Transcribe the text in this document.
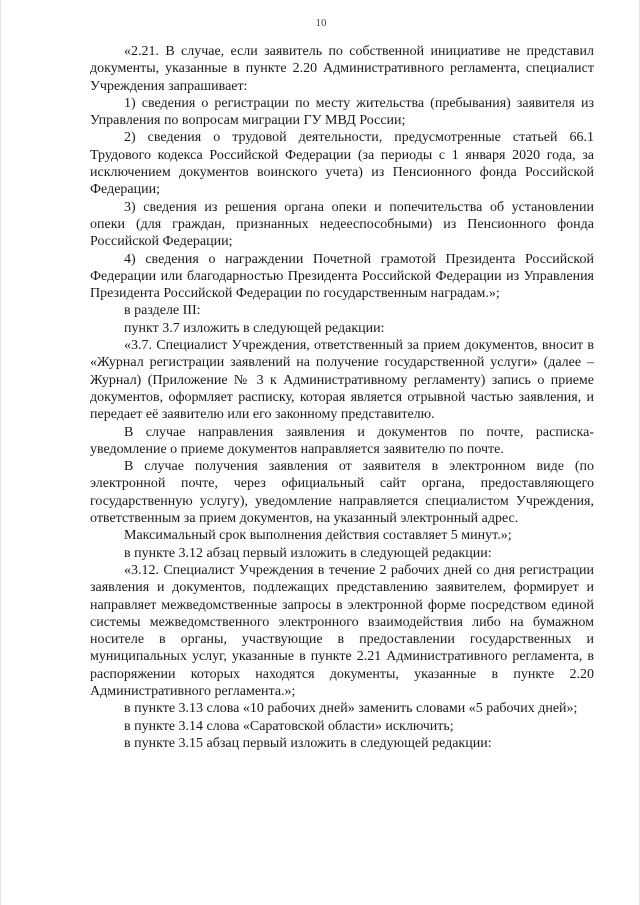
10

«2.21. В случае, если заявитель по собственной инициативе не представил документы, указанные в пункте 2.20 Административного регламента, специалист Учреждения запрашивает:

1) сведения о регистрации по месту жительства (пребывания) заявителя из Управления по вопросам миграции ГУ МВД России;

2) сведения о трудовой деятельности, предусмотренные статьей 66.1 Трудового кодекса Российской Федерации (за периоды с 1 января 2020 года, за исключением документов воинского учета) из Пенсионного фонда Российской Федерации;

3) сведения из решения органа опеки и попечительства об установлении опеки (для граждан, признанных недееспособными) из Пенсионного фонда Российской Федерации;

4) сведения о награждении Почетной грамотой Президента Российской Федерации или благодарностью Президента Российской Федерации из Управления Президента Российской Федерации по государственным наградам.»;

в разделе III:

пункт 3.7 изложить в следующей редакции:

«3.7. Специалист Учреждения, ответственный за прием документов, вносит в «Журнал регистрации заявлений на получение государственной услуги» (далее – Журнал) (Приложение № 3 к Административному регламенту) запись о приеме документов, оформляет расписку, которая является отрывной частью заявления, и передает её заявителю или его законному представителю.

В случае направления заявления и документов по почте, расписка-уведомление о приеме документов направляется заявителю по почте.

В случае получения заявления от заявителя в электронном виде (по электронной почте, через официальный сайт органа, предоставляющего государственную услугу), уведомление направляется специалистом Учреждения, ответственным за прием документов, на указанный электронный адрес.

Максимальный срок выполнения действия составляет 5 минут.»;

в пункте 3.12 абзац первый изложить в следующей редакции:

«3.12. Специалист Учреждения в течение 2 рабочих дней со дня регистрации заявления и документов, подлежащих представлению заявителем, формирует и направляет межведомственные запросы в электронной форме посредством единой системы межведомственного электронного взаимодействия либо на бумажном носителе в органы, участвующие в предоставлении государственных и муниципальных услуг, указанные в пункте 2.21 Административного регламента, в распоряжении которых находятся документы, указанные в пункте 2.20 Административного регламента.»;

в пункте 3.13 слова «10 рабочих дней» заменить словами «5 рабочих дней»;

в пункте 3.14 слова «Саратовской области» исключить;

в пункте 3.15 абзац первый изложить в следующей редакции:
